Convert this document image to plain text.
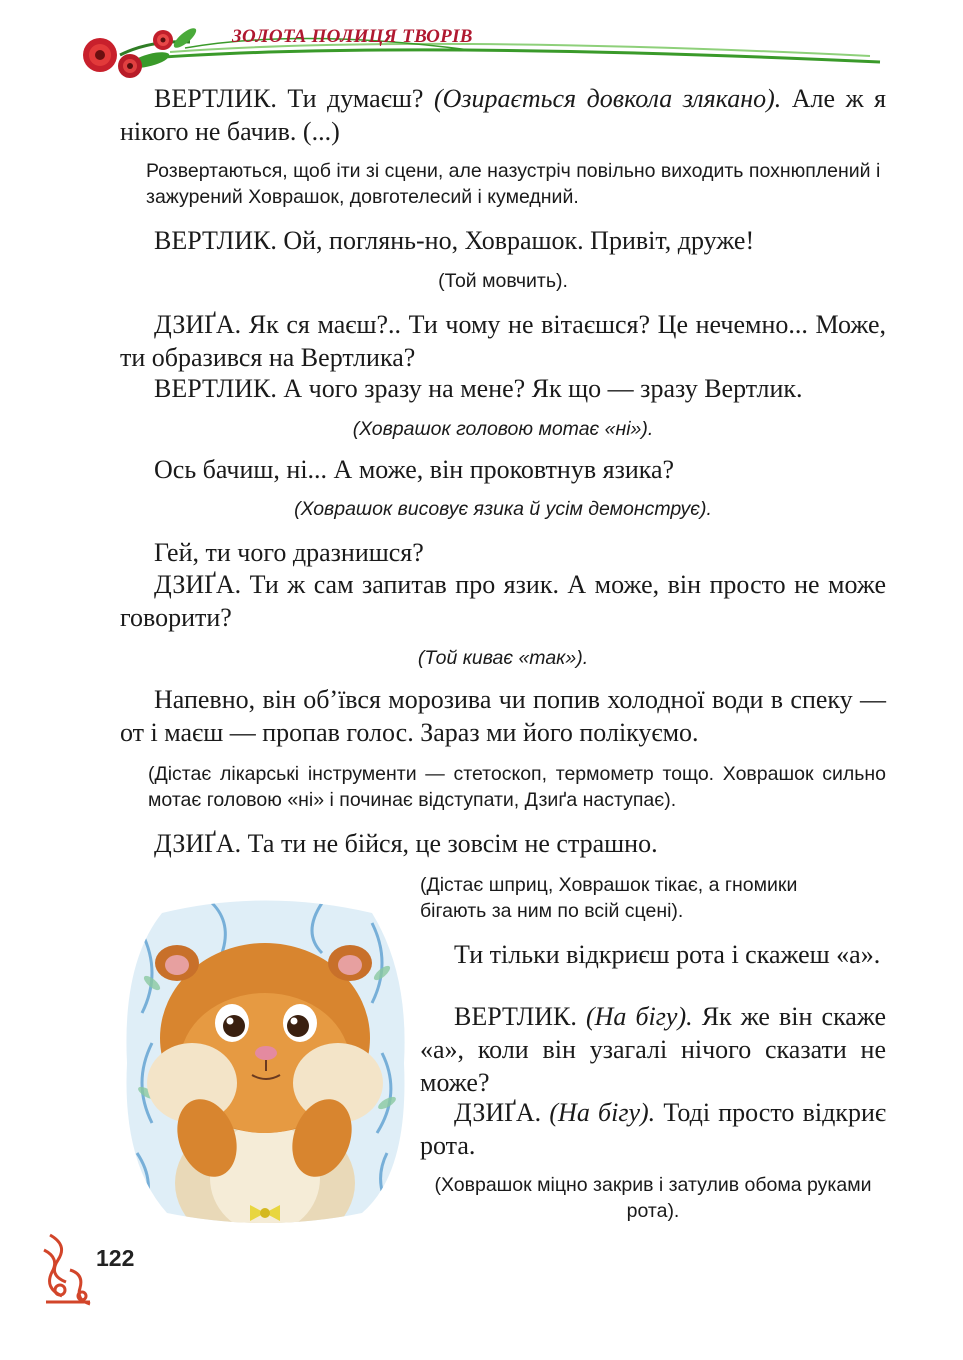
ЗОЛОТА ПОЛИЦЯ ТВОРІВ

ВЕРТЛИК. Ти думаєш? (Озирається довкола злякано). Але ж я нікого не бачив. (...)

Розвертаються, щоб іти зі сцени, але назустріч повільно виходить похнюплений і зажурений Ховрашок, довготелесий і кумедний.

ВЕРТЛИК. Ой, поглянь-но, Ховрашок. Привіт, друже!

(Той мовчить).

ДЗИҐА. Як ся маєш?.. Ти чому не вітаєшся? Це нечемно... Може, ти образився на Вертлика?

ВЕРТЛИК. А чого зразу на мене? Як що — зразу Вертлик.

(Ховрашок головою мотає «ні»).

Ось бачиш, ні... А може, він проковтнув язика?

(Ховрашок висовує язика й усім демонструє).

Гей, ти чого дразнишся?

ДЗИҐА. Ти ж сам запитав про язик. А може, він просто не може говорити?

(Той киває «так»).

Напевно, він об’ївся морозива чи попив холодної води в спеку — от і маєш — пропав голос. Зараз ми його полікуємо.

(Дістає лікарські інструменти — стетоскоп, термометр тощо. Ховрашок сильно мотає головою «ні» і починає відступати, Дзиґа наступає).

ДЗИҐА. Та ти не бійся, це зовсім не страшно.

(Дістає шприц, Ховрашок тікає, а гномики бігають за ним по всій сцені).

Ти тільки відкриєш рота і скажеш «а».

ВЕРТЛИК. (На бігу). Як же він скаже «а», коли він узагалі нічого сказати не може?

ДЗИҐА. (На бігу). Тоді просто відкриє рота.

(Ховрашок міцно закрив і затулив обома руками рота).

122
